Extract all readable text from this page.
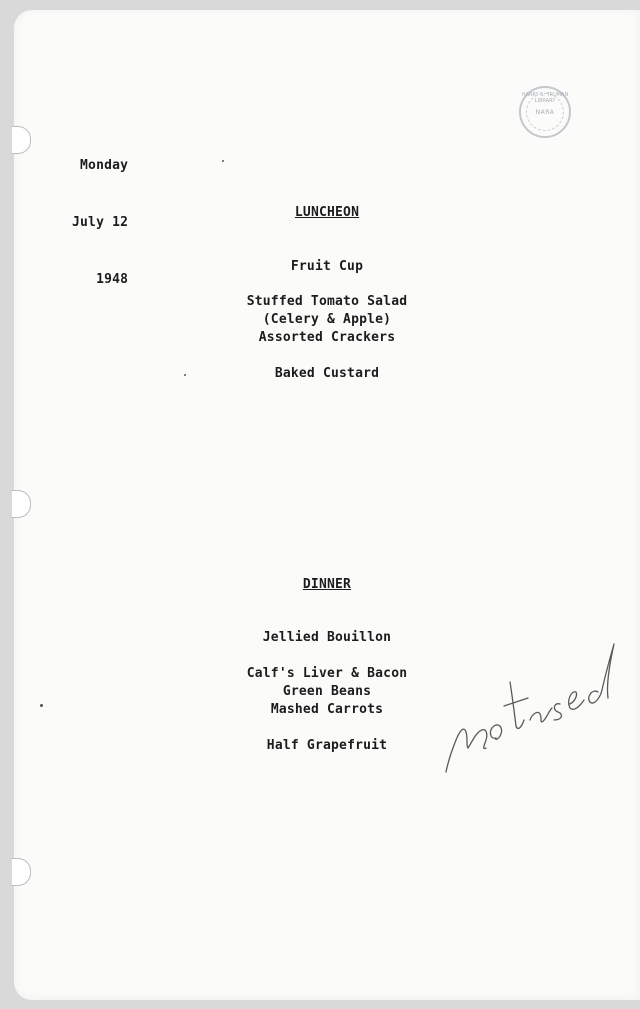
HARRY S. TRUMAN LIBRARY
NARA

Monday

July 12

1948

LUNCHEON
Fruit Cup
Stuffed Tomato Salad
(Celery & Apple)
Assorted Crackers
Baked Custard
DINNER
Jellied Bouillon
Calf's Liver & Bacon
Green Beans
Mashed Carrots
Half Grapefruit
